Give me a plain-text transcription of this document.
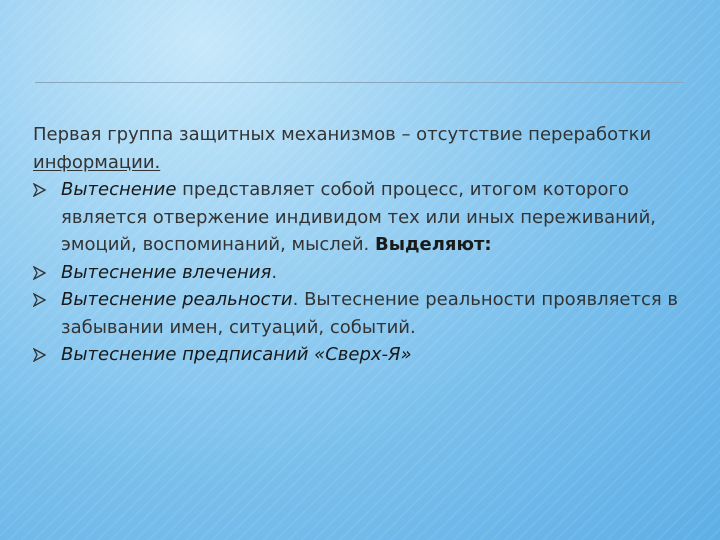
Первая группа защитных механизмов – отсутствие переработки
информации.

Вытеснение представляет собой процесс, итогом которого является отвержение индивидом тех или иных переживаний, эмоций, воспоминаний, мыслей. Выделяют:
Вытеснение влечения.
Вытеснение реальности. Вытеснение реальности проявляется в забывании имен, ситуаций, событий.
Вытеснение предписаний «Сверх-Я»
